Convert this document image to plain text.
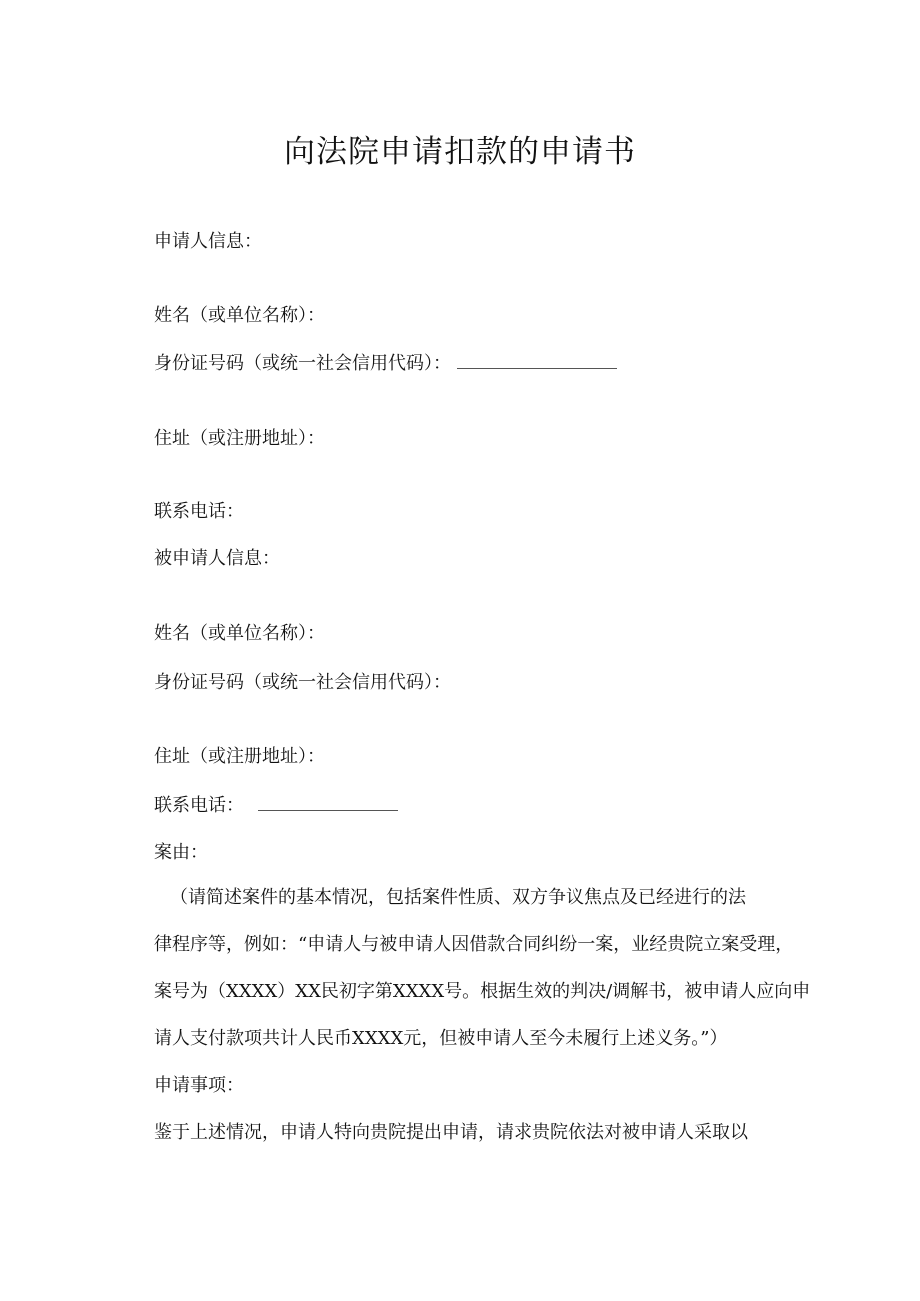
向法院申请扣款的申请书
申请人信息：
姓名（或单位名称）：
身份证号码（或统一社会信用代码）：
住址（或注册地址）：
联系电话：
被申请人信息：
姓名（或单位名称）：
身份证号码（或统一社会信用代码）：
住址（或注册地址）：
联系电话：
案由：
（请简述案件的基本情况，包括案件性质、双方争议焦点及已经进行的法
律程序等，例如：“申请人与被申请人因借款合同纠纷一案，业经贵院立案受理，
案号为（XXXX）XX民初字第XXXX号。根据生效的判决/调解书，被申请人应向申
请人支付款项共计人民币XXXX元，但被申请人至今未履行上述义务。”）
申请事项：
鉴于上述情况，申请人特向贵院提出申请，请求贵院依法对被申请人采取以
